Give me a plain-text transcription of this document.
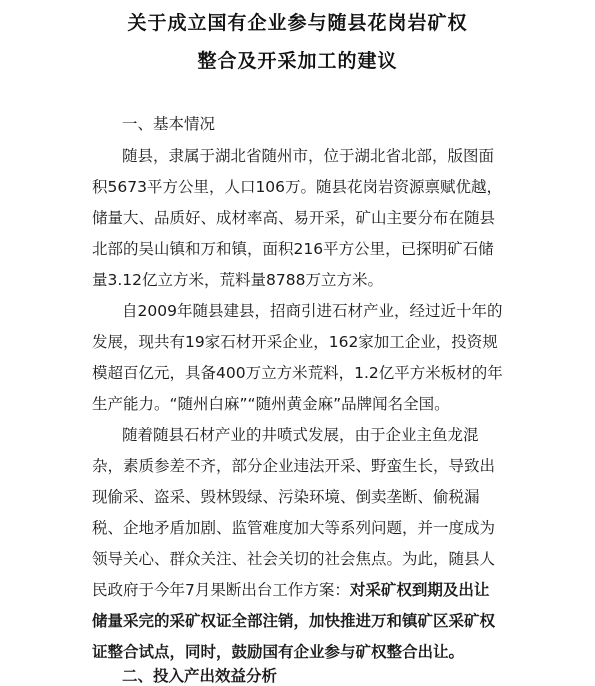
关于成立国有企业参与随县花岗岩矿权
整合及开采加工的建议
一、基本情况
随县，隶属于湖北省随州市，位于湖北省北部，版图面
积5673平方公里，人口106万。随县花岗岩资源禀赋优越，
储量大、品质好、成材率高、易开采，矿山主要分布在随县
北部的吴山镇和万和镇，面积216平方公里，已探明矿石储
量3.12亿立方米，荒料量8788万立方米。
自2009年随县建县，招商引进石材产业，经过近十年的
发展，现共有19家石材开采企业，162家加工企业，投资规
模超百亿元，具备400万立方米荒料，1.2亿平方米板材的年
生产能力。“随州白麻”“随州黄金麻”品牌闻名全国。
随着随县石材产业的井喷式发展，由于企业主鱼龙混
杂，素质参差不齐，部分企业违法开采、野蛮生长，导致出
现偷采、盗采、毁林毁绿、污染环境、倒卖垄断、偷税漏
税、企地矛盾加剧、监管难度加大等系列问题，并一度成为
领导关心、群众关注、社会关切的社会焦点。为此，随县人
民政府于今年7月果断出台工作方案：对采矿权到期及出让
储量采完的采矿权证全部注销，加快推进万和镇矿区采矿权
证整合试点，同时，鼓励国有企业参与矿权整合出让。
二、投入产出效益分析
